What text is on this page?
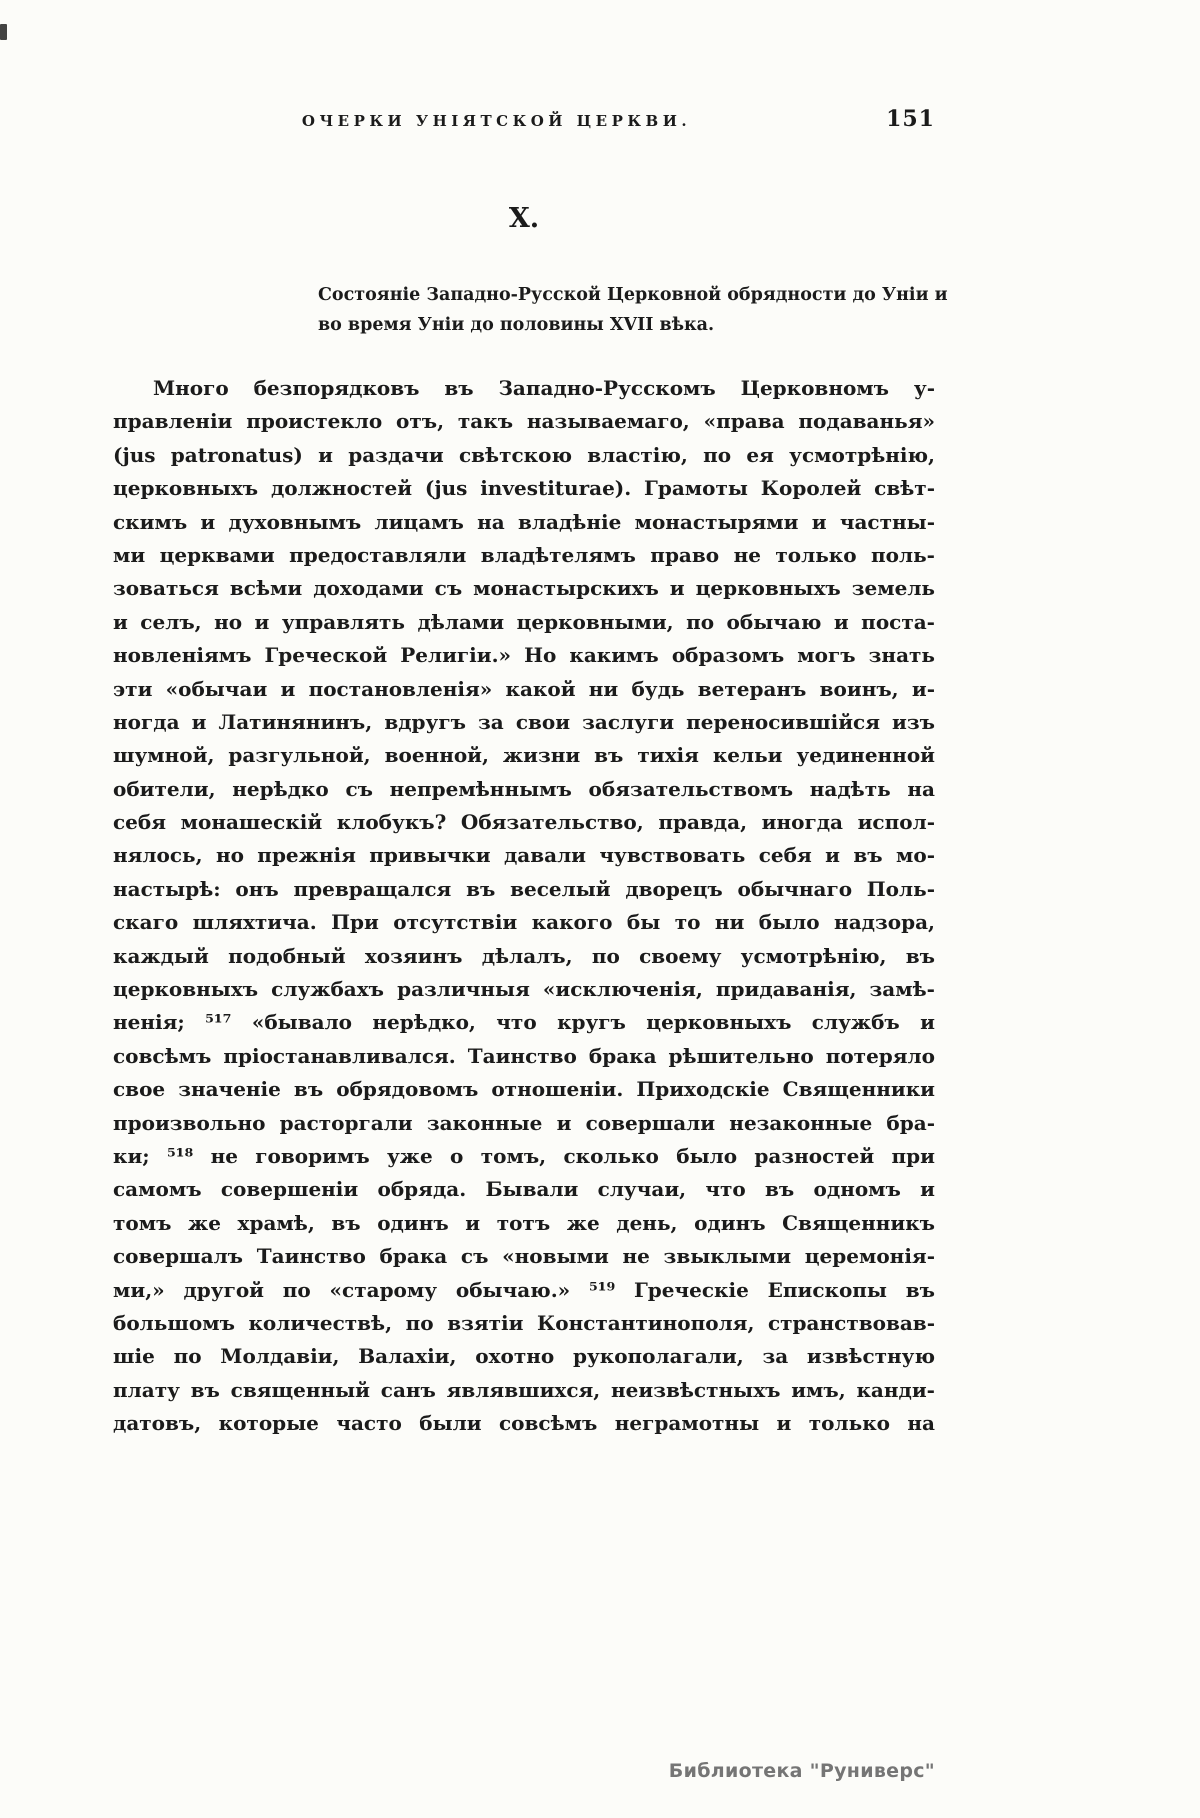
ОЧЕРКИ УНІЯТСКОЙ ЦЕРКВИ.	151
X.
Состояніе Западно-Русской Церковной обрядности до Уніи и
во время Уніи до половины XVII вѣка.
Много безпорядковъ въ Западно-Русскомъ Церковномъ у-
правленіи проистекло отъ, такъ называемаго, «права подаванья»
(jus patronatus) и раздачи свѣтскою властію, по ея усмотрѣнію,
церковныхъ должностей (jus investiturae). Грамоты Королей свѣт-
скимъ и духовнымъ лицамъ на владѣніе монастырями и частны-
ми церквами предоставляли владѣтелямъ право не только поль-
зоваться всѣми доходами съ монастырскихъ и церковныхъ земель
и селъ, но и управлять дѣлами церковными, по обычаю и поста-
новленіямъ Греческой Религіи.» Но какимъ образомъ могъ знать
эти «обычаи и постановленія» какой ни будь ветеранъ воинъ, и-
ногда и Латинянинъ, вдругъ за свои заслуги переносившійся изъ
шумной, разгульной, военной, жизни въ тихія кельи уединенной
обители, нерѣдко съ непремѣннымъ обязательствомъ надѣть на
себя монашескій клобукъ? Обязательство, правда, иногда испол-
нялось, но прежнія привычки давали чувствовать себя и въ мо-
настырѣ: онъ превращался въ веселый дворецъ обычнаго Поль-
скаго шляхтича. При отсутствіи какого бы то ни было надзора,
каждый подобный хозяинъ дѣлалъ, по своему усмотрѣнію, въ
церковныхъ службахъ различныя «исключенія, придаванія, замѣ-
ненія; ⁵¹⁷ «бывало нерѣдко, что кругъ церковныхъ службъ и
совсѣмъ пріостанавливался. Таинство брака рѣшительно потеряло
свое значеніе въ обрядовомъ отношеніи. Приходскіе Священники
произвольно расторгали законные и совершали незаконные бра-
ки; ⁵¹⁸ не говоримъ уже о томъ, сколько было разностей при
самомъ совершеніи обряда. Бывали случаи, что въ одномъ и
томъ же храмѣ, въ одинъ и тотъ же день, одинъ Священникъ
совершалъ Таинство брака съ «новыми не звыклыми церемонія-
ми,» другой по «старому обычаю.» ⁵¹⁹ Греческіе Епископы въ
большомъ количествѣ, по взятіи Константинополя, странствовав-
шіе по Молдавіи, Валахіи, охотно рукополагали, за извѣстную
плату въ священный санъ являвшихся, неизвѣстныхъ имъ, канди-
датовъ, которые часто были совсѣмъ неграмотны и только на
Библиотека "Руниверс"
